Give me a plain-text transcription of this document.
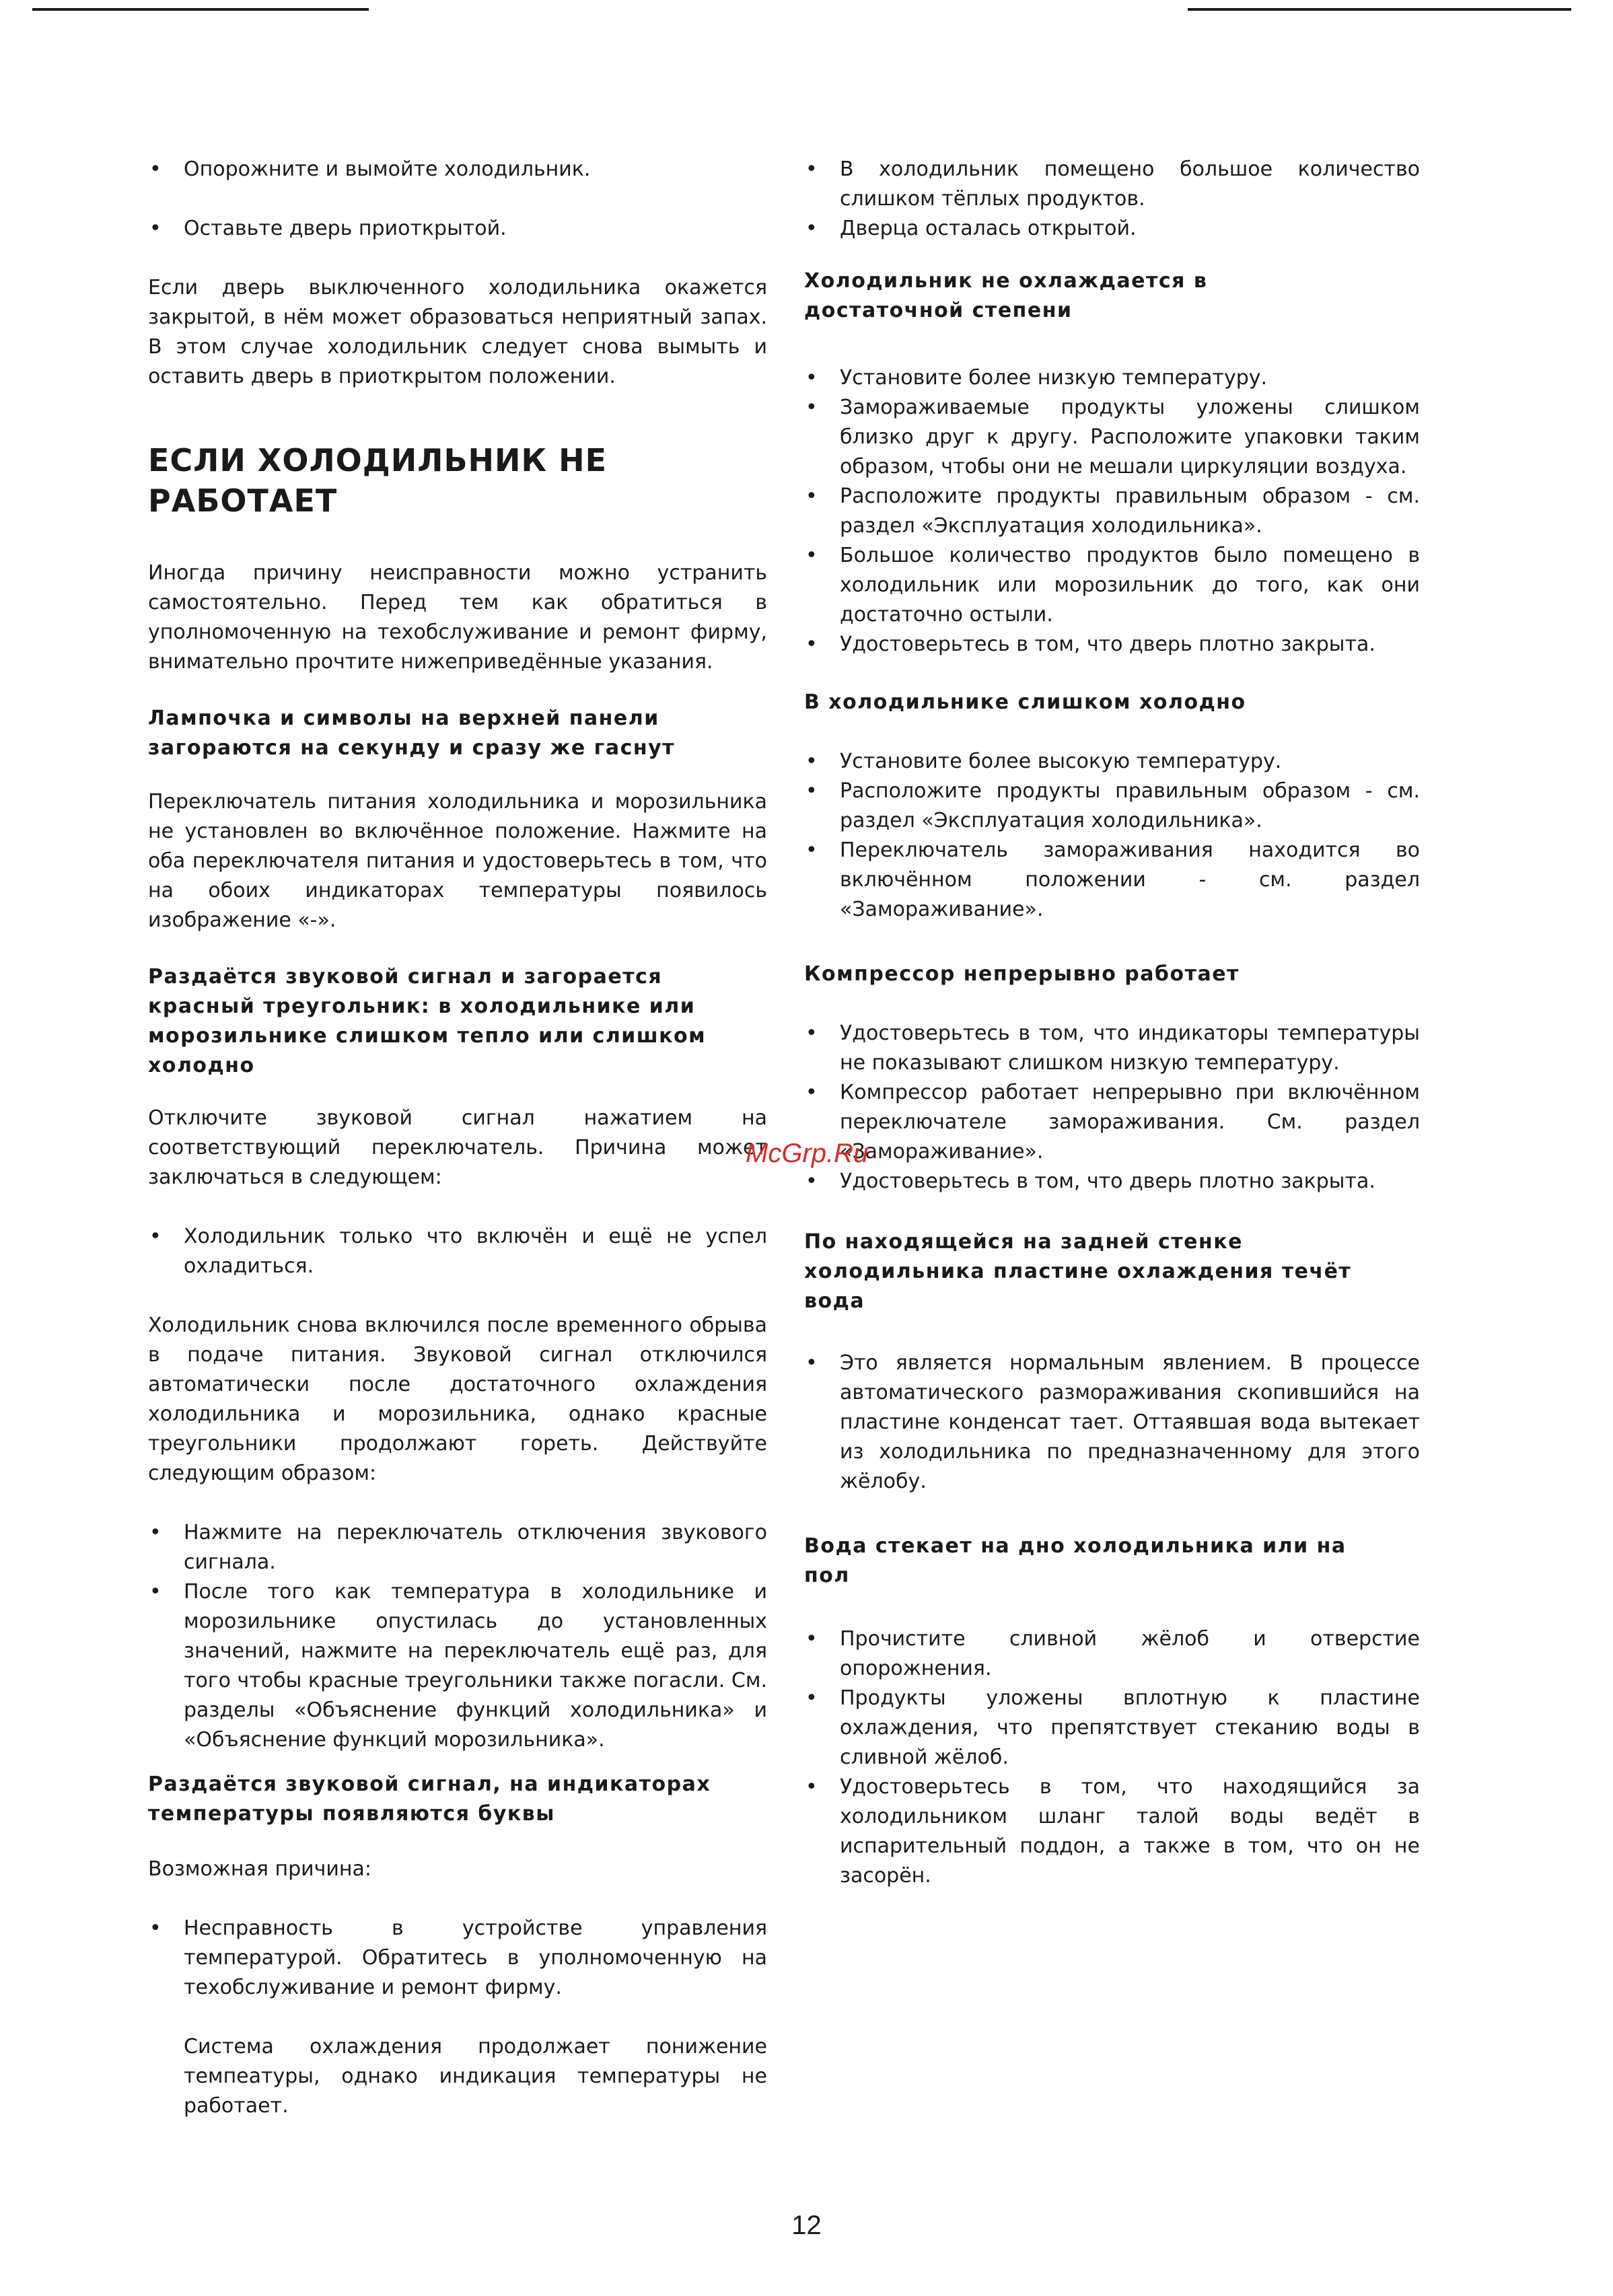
• Опорожните и вымойте холодильник.
• Оставьте дверь приоткрытой.

Если дверь выключенного холодильника окажется закрытой, в нём может образоваться неприятный запах. В этом случае холодильник следует снова вымыть и оставить дверь в приоткрытом положении.

ЕСЛИ ХОЛОДИЛЬНИК НЕ РАБОТАЕТ

Иногда причину неисправности можно устранить самостоятельно. Перед тем как обратиться в уполномоченную на техобслуживание и ремонт фирму, внимательно прочтите нижеприведённые указания.

Лампочка и символы на верхней панели загораются на секунду и сразу же гаснут

Переключатель питания холодильника и морозильника не установлен во включённое положение. Нажмите на оба переключателя питания и удостоверьтесь в том, что на обоих индикаторах температуры появилось изображение «-».

Раздаётся звуковой сигнал и загорается красный треугольник: в холодильнике или морозильнике слишком тепло или слишком холодно

Отключите звуковой сигнал нажатием на соответствующий переключатель. Причина может заключаться в следующем:

• Холодильник только что включён и ещё не успел охладиться.

Холодильник снова включился после временного обрыва в подаче питания. Звуковой сигнал отключился автоматически после достаточного охлаждения холодильника и морозильника, однако красные треугольники продолжают гореть. Действуйте следующим образом:

• Нажмите на переключатель отключения звукового сигнала.
• После того как температура в холодильнике и морозильнике опустилась до установленных значений, нажмите на переключатель ещё раз, для того чтобы красные треугольники также погасли. См. разделы «Объяснение функций холодильника» и «Объяснение функций морозильника».
Раздаётся звуковой сигнал, на индикаторах температуры появляются буквы

Возможная причина:

• Несправность в устройстве управления температурой. Обратитесь в уполномоченную на техобслуживание и ремонт фирму.

Система охлаждения продолжает понижение темпеатуры, однако индикация температуры не работает.

• В холодильник помещено большое количество слишком тёплых продуктов.
• Дверца осталась открытой.
Холодильник не охлаждается в достаточной степени
• Установите более низкую температуру.
• Замораживаемые продукты уложены слишком близко друг к другу. Расположите упаковки таким образом, чтобы они не мешали циркуляции воздуха.
• Расположите продукты правильным образом - см. раздел «Эксплуатация холодильника».
• Большое количество продуктов было помещено в холодильник или морозильник до того, как они достаточно остыли.
• Удостоверьтесь в том, что дверь плотно закрыта.
В холодильнике слишком холодно
• Установите более высокую температуру.
• Расположите продукты правильным образом - см. раздел «Эксплуатация холодильника».
• Переключатель замораживания находится во включённом положении - см. раздел «Замораживание».
Компрессор непрерывно работает
• Удостоверьтесь в том, что индикаторы температуры не показывают слишком низкую температуру.
• Компрессор работает непрерывно при включённом переключателе замораживания. См. раздел «Замораживание».
• Удостоверьтесь в том, что дверь плотно закрыта.
По находящейся на задней стенке холодильника пластине охлаждения течёт вода
• Это является нормальным явлением. В процессе автоматического размораживания скопившийся на пластине конденсат тает. Оттаявшая вода вытекает из холодильника по предназначенному для этого жёлобу.
Вода стекает на дно холодильника или на пол
• Прочистите сливной жёлоб и отверстие опорожнения.
• Продукты уложены вплотную к пластине охлаждения, что препятствует стеканию воды в сливной жёлоб.
• Удостоверьтесь в том, что находящийся за холодильником шланг талой воды ведёт в испарительный поддон, а также в том, что он не засорён.
McGrp.Ru
12
